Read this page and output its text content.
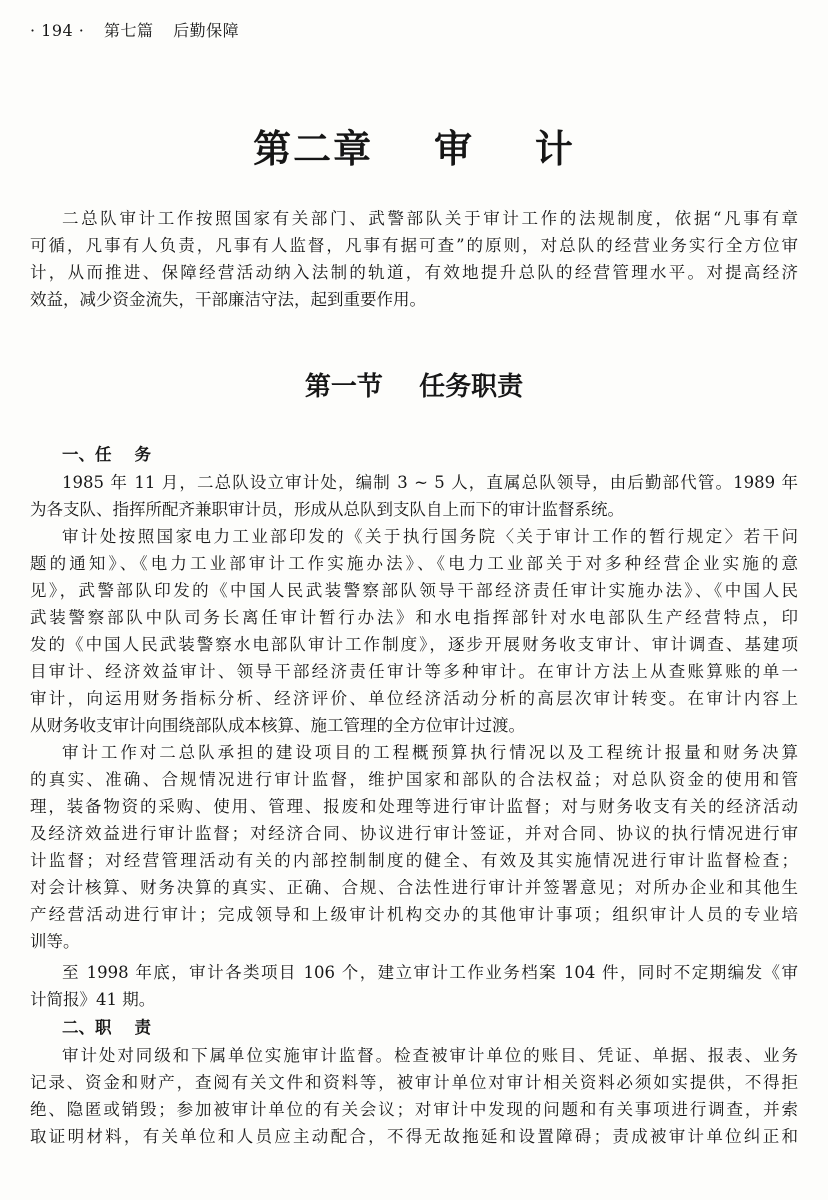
· 194 · 第七篇 后勤保障
第二章    审    计
二总队审计工作按照国家有关部门、武警部队关于审计工作的法规制度，依据“凡事有章
可循，凡事有人负责，凡事有人监督，凡事有据可查”的原则，对总队的经营业务实行全方位审
计，从而推进、保障经营活动纳入法制的轨道，有效地提升总队的经营管理水平。对提高经济
效益，减少资金流失，干部廉洁守法，起到重要作用。
第一节    任务职责
一、任    务
1985 年 11 月，二总队设立审计处，编制 3 ~ 5 人，直属总队领导，由后勤部代管。1989 年
为各支队、指挥所配齐兼职审计员，形成从总队到支队自上而下的审计监督系统。
审计处按照国家电力工业部印发的《关于执行国务院〈关于审计工作的暂行规定〉若干问
题的通知》、《电力工业部审计工作实施办法》、《电力工业部关于对多种经营企业实施的意
见》，武警部队印发的《中国人民武装警察部队领导干部经济责任审计实施办法》、《中国人民
武装警察部队中队司务长离任审计暂行办法》和水电指挥部针对水电部队生产经营特点，印
发的《中国人民武装警察水电部队审计工作制度》，逐步开展财务收支审计、审计调查、基建项
目审计、经济效益审计、领导干部经济责任审计等多种审计。在审计方法上从查账算账的单一
审计，向运用财务指标分析、经济评价、单位经济活动分析的高层次审计转变。在审计内容上
从财务收支审计向围绕部队成本核算、施工管理的全方位审计过渡。
审计工作对二总队承担的建设项目的工程概预算执行情况以及工程统计报量和财务决算
的真实、准确、合规情况进行审计监督，维护国家和部队的合法权益；对总队资金的使用和管
理，装备物资的采购、使用、管理、报废和处理等进行审计监督；对与财务收支有关的经济活动
及经济效益进行审计监督；对经济合同、协议进行审计签证，并对合同、协议的执行情况进行审
计监督；对经营管理活动有关的内部控制制度的健全、有效及其实施情况进行审计监督检查；
对会计核算、财务决算的真实、正确、合规、合法性进行审计并签署意见；对所办企业和其他生
产经营活动进行审计；完成领导和上级审计机构交办的其他审计事项；组织审计人员的专业培
训等。
至 1998 年底，审计各类项目 106 个，建立审计工作业务档案 104 件，同时不定期编发《审
计简报》41 期。
二、职    责
审计处对同级和下属单位实施审计监督。检查被审计单位的账目、凭证、单据、报表、业务
记录、资金和财产，查阅有关文件和资料等，被审计单位对审计相关资料必须如实提供，不得拒
绝、隐匿或销毁；参加被审计单位的有关会议；对审计中发现的问题和有关事项进行调查，并索
取证明材料，有关单位和人员应主动配合，不得无故拖延和设置障碍；责成被审计单位纠正和
